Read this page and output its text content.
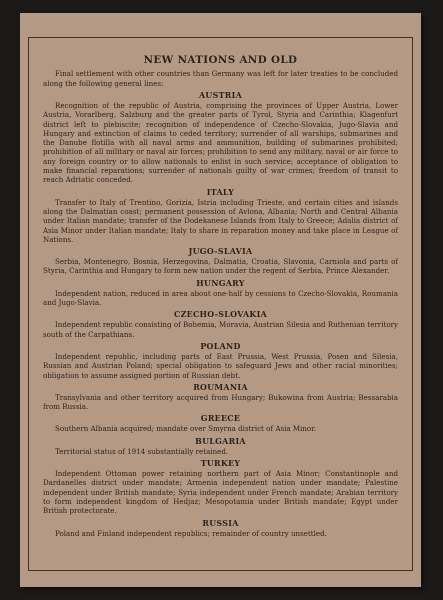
NEW NATIONS AND OLD

Final settlement with other countries than Germany was left for later treaties to be concluded along the following general lines:

AUSTRIA

Recognition of the republic of Austria, comprising the provinces of Upper Austria, Lower Austria, Vorarlberg, Salzburg and the greater parts of Tyrol, Styria and Carinthia; Klagenfurt district left to plebiscite; recognition of independence of Czecho-Slovakia, Jugo-Slavia and Hungary and extinction of claims to ceded territory; surrender of all warships, submarines and the Danube flotilla with all naval arms and ammunition, building of submarines prohibited; prohibition of all military or naval air forces; prohibition to send any military, naval or air force to any foreign country or to allow nationals to enlist in such service; acceptance of obligation to make financial reparations; surrender of nationals guilty of war crimes; freedom of transit to reach Adriatic conceded.

ITALY

Transfer to Italy of Trentino, Gorizia, Istria including Trieste, and certain cities and islands along the Dalmatian coast; permanent possession of Avlona, Albania; North and Central Albania under Italian mandate; transfer of the Dodekanese Islands from Italy to Greece; Adalia district of Asia Minor under Italian mandate; Italy to share in reparation money and take place in League of Nations.

JUGO-SLAVIA

Serbia, Montenegro, Bosnia, Herzegovina, Dalmatia, Croatia, Slavonia, Carniola and parts of Styria, Carinthia and Hungary to form new nation under the regent of Serbia, Prince Alexander.

HUNGARY

Independent nation, reduced in area about one-half by cessions to Czecho-Slovakia, Roumania and Jugo-Slavia.

CZECHO-SLOVAKIA

Independent republic consisting of Bohemia, Moravia, Austrian Silesia and Ruthenian territory south of the Carpathians.

POLAND

Independent republic, including parts of East Prussia, West Prussia, Posen and Silesia, Russian and Austrian Poland; special obligation to safeguard Jews and other racial minorities; obligation to assume assigned portion of Russian debt.

ROUMANIA

Transylvania and other territory acquired from Hungary; Bukowina from Austria; Bessarabia from Russia.

GREECE

Southern Albania acquired; mandate over Smyrna district of Asia Minor.

BULGARIA

Territorial status of 1914 substantially retained.

TURKEY

Independent Ottoman power retaining northern part of Asia Minor; Constantinople and Dardanelles district under mandate; Armenia independent nation under mandate; Palestine independent under British mandate; Syria independent under French mandate; Arabian territory to form independent kingdom of Hedjaz; Mesopotamia under British mandate; Egypt under British protectorate.

RUSSIA

Poland and Finland independent republics; remainder of country unsettled.
